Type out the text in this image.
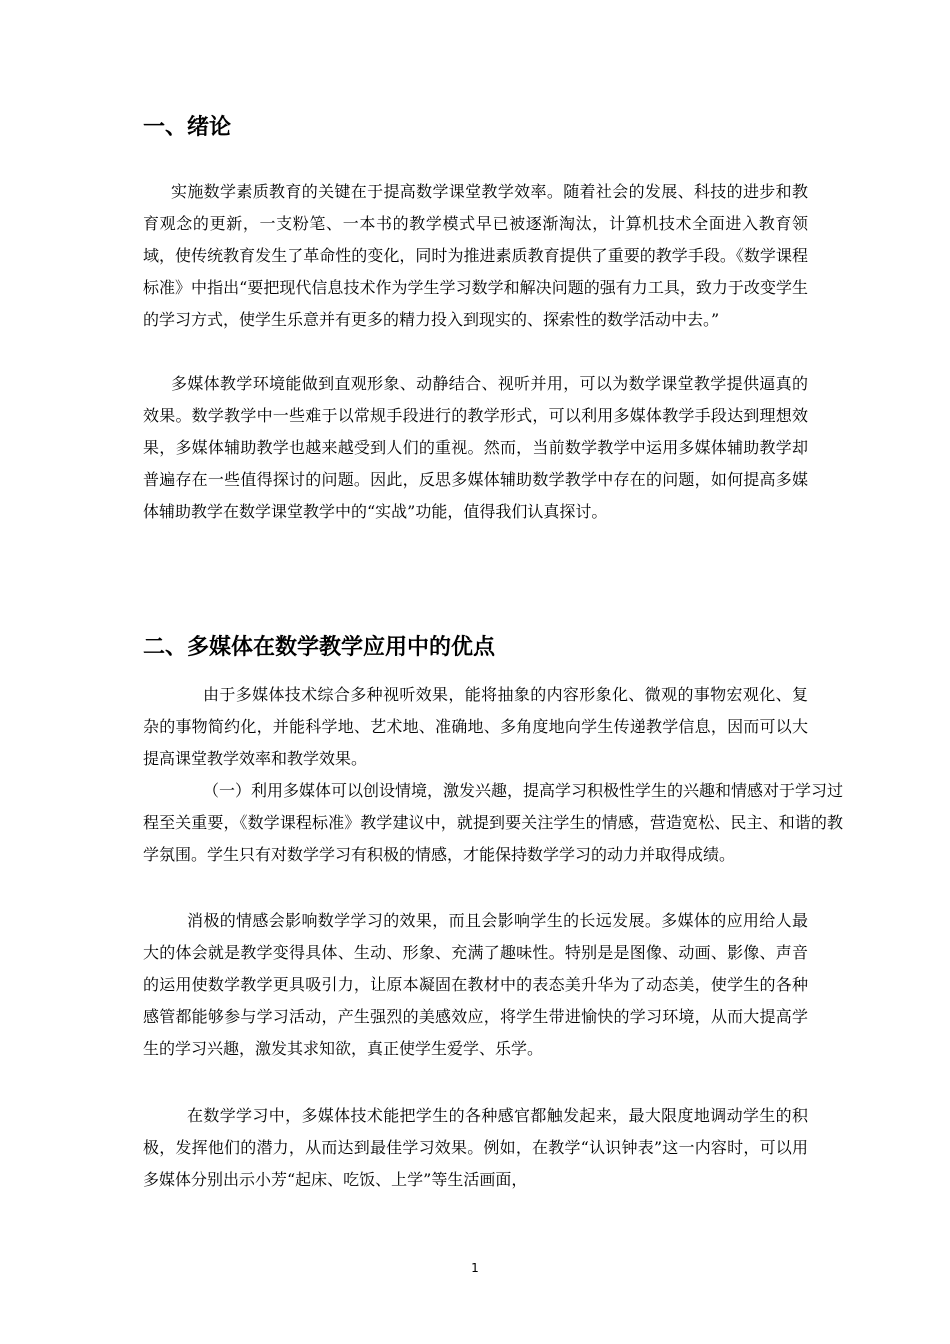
一、绪论

实施数学素质教育的关键在于提高数学课堂教学效率。随着社会的发展、科技的进步和教育观念的更新，一支粉笔、一本书的教学模式早已被逐渐淘汰，计算机技术全面进入教育领域，使传统教育发生了革命性的变化，同时为推进素质教育提供了重要的教学手段。《数学课程标准》中指出“要把现代信息技术作为学生学习数学和解决问题的强有力工具，致力于改变学生的学习方式，使学生乐意并有更多的精力投入到现实的、探索性的数学活动中去。”

多媒体教学环境能做到直观形象、动静结合、视听并用，可以为数学课堂教学提供逼真的效果。数学教学中一些难于以常规手段进行的教学形式，可以利用多媒体教学手段达到理想效果，多媒体辅助教学也越来越受到人们的重视。然而，当前数学教学中运用多媒体辅助教学却普遍存在一些值得探讨的问题。因此，反思多媒体辅助数学教学中存在的问题，如何提高多媒体辅助教学在数学课堂教学中的“实战”功能，值得我们认真探讨。

二、多媒体在数学教学应用中的优点

由于多媒体技术综合多种视听效果，能将抽象的内容形象化、微观的事物宏观化、复杂的事物简约化，并能科学地、艺术地、准确地、多角度地向学生传递教学信息，因而可以大提高课堂教学效率和教学效果。

（一）利用多媒体可以创设情境，激发兴趣，提高学习积极性学生的兴趣和情感对于学习过程至关重要，《数学课程标准》教学建议中，就提到要关注学生的情感，营造宽松、民主、和谐的教学氛围。学生只有对数学学习有积极的情感，才能保持数学学习的动力并取得成绩。

消极的情感会影响数学学习的效果，而且会影响学生的长远发展。多媒体的应用给人最大的体会就是教学变得具体、生动、形象、充满了趣味性。特别是是图像、动画、影像、声音的运用使数学教学更具吸引力，让原本凝固在教材中的表态美升华为了动态美，使学生的各种感管都能够参与学习活动，产生强烈的美感效应，将学生带进愉快的学习环境，从而大提高学生的学习兴趣，激发其求知欲，真正使学生爱学、乐学。

在数学学习中，多媒体技术能把学生的各种感官都触发起来，最大限度地调动学生的积极，发挥他们的潜力，从而达到最佳学习效果。例如，在教学“认识钟表”这一内容时，可以用多媒体分别出示小芳“起床、吃饭、上学”等生活画面，

1
